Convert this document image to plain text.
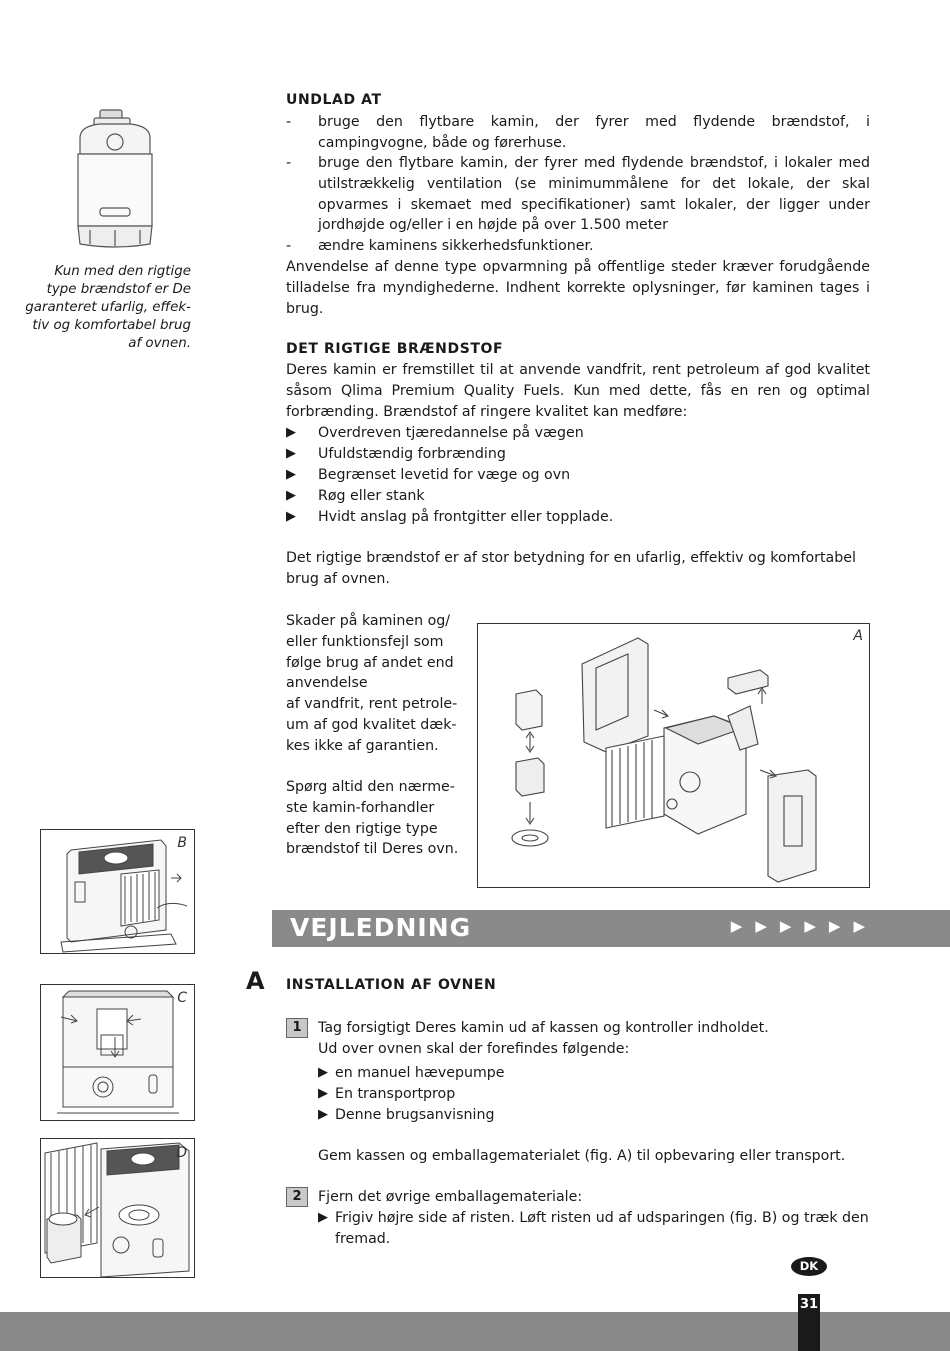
Kun med den rigtige
type brændstof er De
garanteret ufarlig, effek-
tiv og komfortabel brug
af ovnen.
UNDLAD AT
- bruge den flytbare kamin, der fyrer med flydende brændstof, i campingvogne, både og førerhuse.
- bruge den flytbare kamin, der fyrer med flydende brændstof, i lokaler med utilstrækkelig ventilation (se minimummålene for det lokale, der skal opvarmes i skemaet med specifikationer) samt lokaler, der ligger under jordhøjde og/eller i en højde på over 1.500 meter
- ændre kaminens sikkerhedsfunktioner.
Anvendelse af denne type opvarmning på offentlige steder kræver forudgående tilladelse fra myndighederne. Indhent korrekte oplysninger, før kaminen tages i brug.
DET RIGTIGE BRÆNDSTOF
Deres kamin er fremstillet til at anvende vandfrit, rent petroleum af god kvalitet såsom Qlima Premium Quality Fuels. Kun med dette, fås en ren og optimal forbrænding. Brændstof af ringere kvalitet kan medføre:
▶ Overdreven tjæredannelse på vægen
▶ Ufuldstændig forbrænding
▶ Begrænset levetid for væge og ovn
▶ Røg eller stank
▶ Hvidt anslag på frontgitter eller topplade.
Det rigtige brændstof er af stor betydning for en ufarlig, effektiv og komfortabel brug af ovnen.
Skader på kaminen og/
eller funktionsfejl som
følge brug af andet end
anvendelse
af vandfrit, rent petrole-
um af god kvalitet dæk-
kes ikke af garantien.
Spørg altid den nærme-
ste kamin-forhandler
efter den rigtige type
brændstof til Deres ovn.
A
B
VEJLEDNING	▶▶▶▶▶▶
A INSTALLATION AF OVNEN
C
1	Tag forsigtigt Deres kamin ud af kassen og kontroller indholdet.
Ud over ovnen skal der forefindes følgende:
▶ en manuel hævepumpe
▶ En transportprop
▶ Denne brugsanvisning
Gem kassen og emballagematerialet (fig. A) til opbevaring eller transport.
D
2	Fjern det øvrige emballagemateriale:
▶ Frigiv højre side af risten. Løft risten ud af udsparingen (fig. B) og træk den fremad.
DK
31
